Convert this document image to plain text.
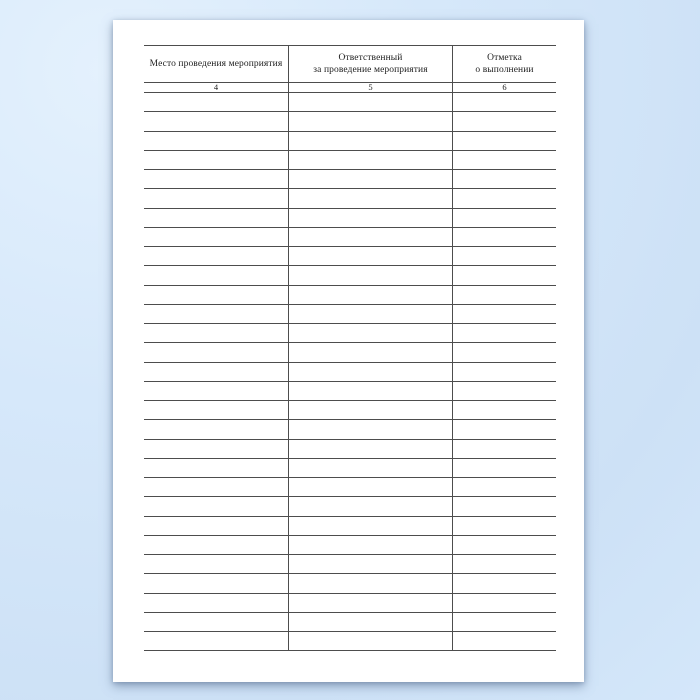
Место проведения мероприятия
Ответственный
за проведение мероприятия
Отметка
о выполнении
4	5	6
